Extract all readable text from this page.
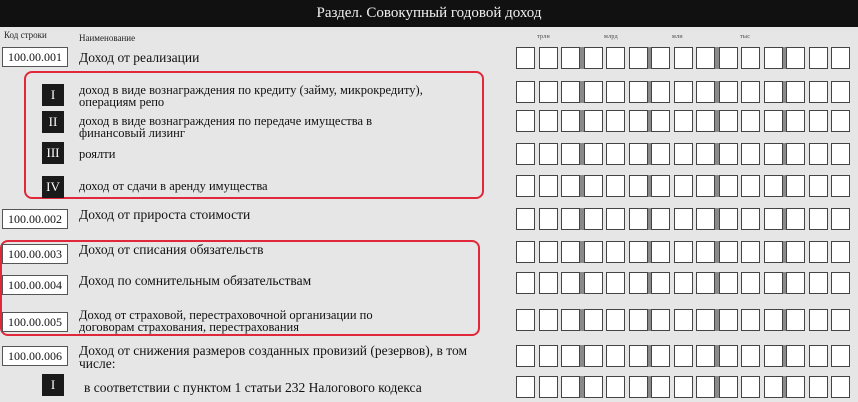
Раздел. Совокупный годовой доход
Код строки	Наименование	трлн	млрд	млн	тыс
100.00.001	Доход от реализации
I	доход в виде вознаграждения по кредиту (займу, микрокредиту), операциям репо
II	доход в виде вознаграждения по передаче имущества в финансовый лизинг
III	роялти
IV	доход от сдачи в аренду имущества
100.00.002	Доход от прироста стоимости
100.00.003	Доход от списания обязательств
100.00.004	Доход по сомнительным обязательствам
100.00.005	Доход от страховой, перестраховочной организации по договорам страхования, перестрахования
100.00.006	Доход от снижения размеров созданных провизий (резервов), в том числе:
I	в соответствии с пунктом 1 статьи 232 Налогового кодекса
